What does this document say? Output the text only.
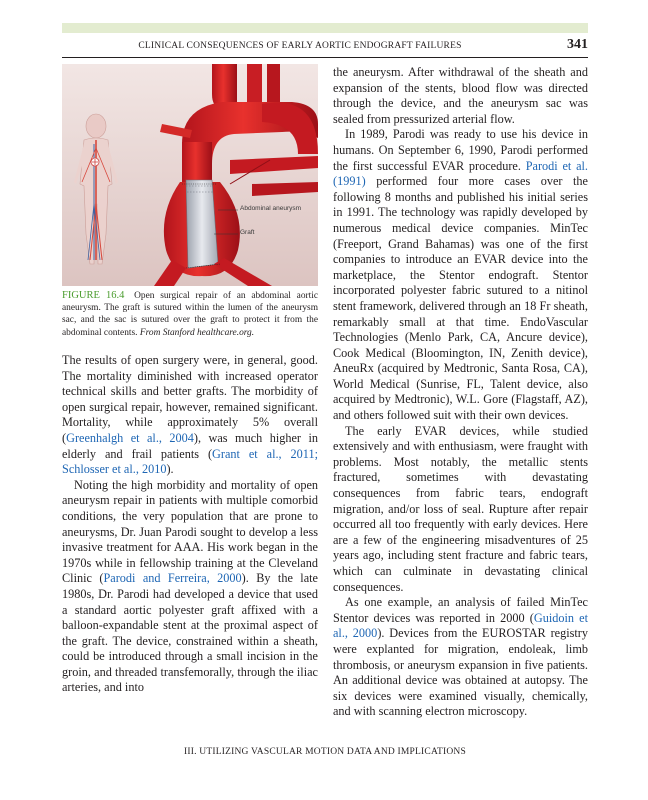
CLINICAL CONSEQUENCES OF EARLY AORTIC ENDOGRAFT FAILURES	341
Abdominal aneurysm
Graft
FIGURE 16.4 Open surgical repair of an abdominal aortic aneurysm. The graft is sutured within the lumen of the aneurysm sac, and the sac is sutured over the graft to protect it from the abdominal contents. From Stanford healthcare.org.

The results of open surgery were, in general, good. The mortality diminished with increased operator technical skills and better grafts. The morbidity of open surgical repair, however, remained significant. Mortality, while approximately 5% overall (Greenhalgh et al., 2004), was much higher in elderly and frail patients (Grant et al., 2011; Schlosser et al., 2010).

Noting the high morbidity and mortality of open aneurysm repair in patients with multiple comorbid conditions, the very population that are prone to aneurysms, Dr. Juan Parodi sought to develop a less invasive treatment for AAA. His work began in the 1970s while in fellowship training at the Cleveland Clinic (Parodi and Ferreira, 2000). By the late 1980s, Dr. Parodi had developed a device that used a standard aortic polyester graft affixed with a balloon-expandable stent at the proximal aspect of the graft. The device, constrained within a sheath, could be introduced through a small incision in the groin, and threaded transfemorally, through the iliac arteries, and into

the aneurysm. After withdrawal of the sheath and expansion of the stents, blood flow was directed through the device, and the aneurysm sac was sealed from pressurized arterial flow.

In 1989, Parodi was ready to use his device in humans. On September 6, 1990, Parodi performed the first successful EVAR procedure. Parodi et al. (1991) performed four more cases over the following 8 months and published his initial series in 1991. The technology was rapidly developed by numerous medical device companies. MinTec (Freeport, Grand Bahamas) was one of the first companies to introduce an EVAR device into the marketplace, the Stentor endograft. Stentor incorporated polyester fabric sutured to a nitinol stent framework, delivered through an 18 Fr sheath, remarkably small at that time. EndoVascular Technologies (Menlo Park, CA, Ancure device), Cook Medical (Bloomington, IN, Zenith device), AneuRx (acquired by Medtronic, Santa Rosa, CA), World Medical (Sunrise, FL, Talent device, also acquired by Medtronic), W.L. Gore (Flagstaff, AZ), and others followed suit with their own devices.

The early EVAR devices, while studied extensively and with enthusiasm, were fraught with problems. Most notably, the metallic stents fractured, sometimes with devastating consequences from fabric tears, endograft migration, and/or loss of seal. Rupture after repair occurred all too frequently with early devices. Here are a few of the engineering misadventures of 25 years ago, including stent fracture and fabric tears, which can culminate in devastating clinical consequences.

As one example, an analysis of failed MinTec Stentor devices was reported in 2000 (Guidoin et al., 2000). Devices from the EUROSTAR registry were explanted for migration, endoleak, limb thrombosis, or aneurysm expansion in five patients. An additional device was obtained at autopsy. The six devices were examined visually, chemically, and with scanning electron microscopy.

III. UTILIZING VASCULAR MOTION DATA AND IMPLICATIONS
